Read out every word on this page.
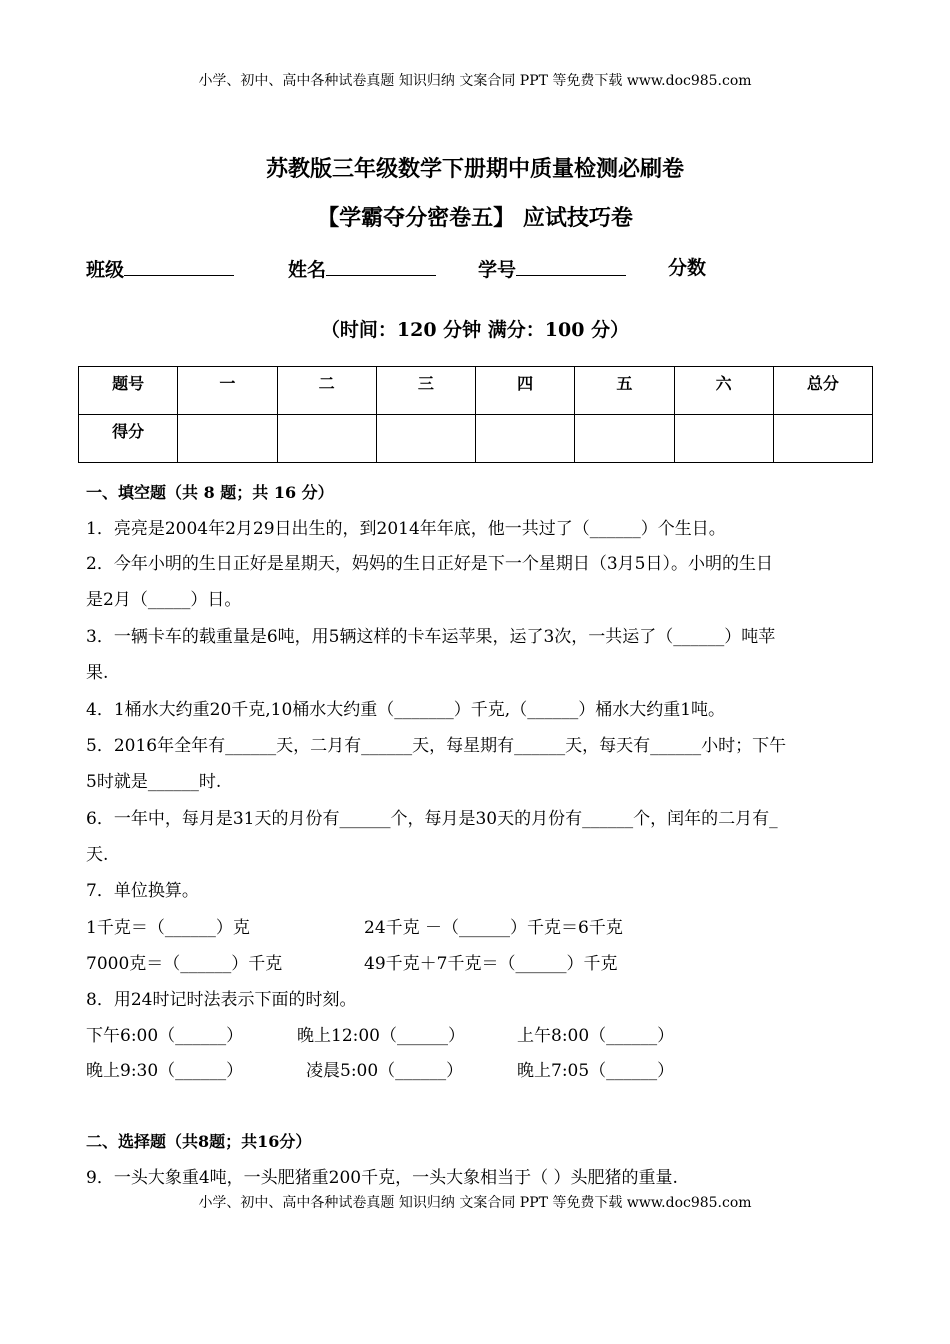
小学、初中、高中各种试卷真题 知识归纳 文案合同 PPT 等免费下载 www.doc985.com
苏教版三年级数学下册期中质量检测必刷卷
【学霸夺分密卷五】 应试技巧卷
班级	姓名	学号	分数
（时间：120 分钟 满分：100 分）
题号	一	二	三	四	五	六	总分
得分							
一、填空题（共 8 题；共 16 分）
1．亮亮是2004年2月29日出生的，到2014年年底，他一共过了（______）个生日。
2．今年小明的生日正好是星期天，妈妈的生日正好是下一个星期日（3月5日）。小明的生日
是2月（_____）日。
3．一辆卡车的载重量是6吨，用5辆这样的卡车运苹果，运了3次，一共运了（______）吨苹
果.
4．1桶水大约重20千克,10桶水大约重（_______）千克,（______）桶水大约重1吨。
5．2016年全年有______天，二月有______天，每星期有______天，每天有______小时；下午
5时就是______时.
6．一年中，每月是31天的月份有______个，每月是30天的月份有______个，闰年的二月有_
天.
7．单位换算。
1千克＝（______）克	24千克 －（______）千克＝6千克
7000克＝（______）千克	49千克＋7千克＝（______）千克
8．用24时记时法表示下面的时刻。
下午6:00（______）	晚上12:00（______）	上午8:00（______）
晚上9:30（______）	凌晨5:00（______）	晚上7:05（______）
二、选择题（共8题；共16分）
9．一头大象重4吨，一头肥猪重200千克，一头大象相当于（ ）头肥猪的重量.
小学、初中、高中各种试卷真题 知识归纳 文案合同 PPT 等免费下载 www.doc985.com
